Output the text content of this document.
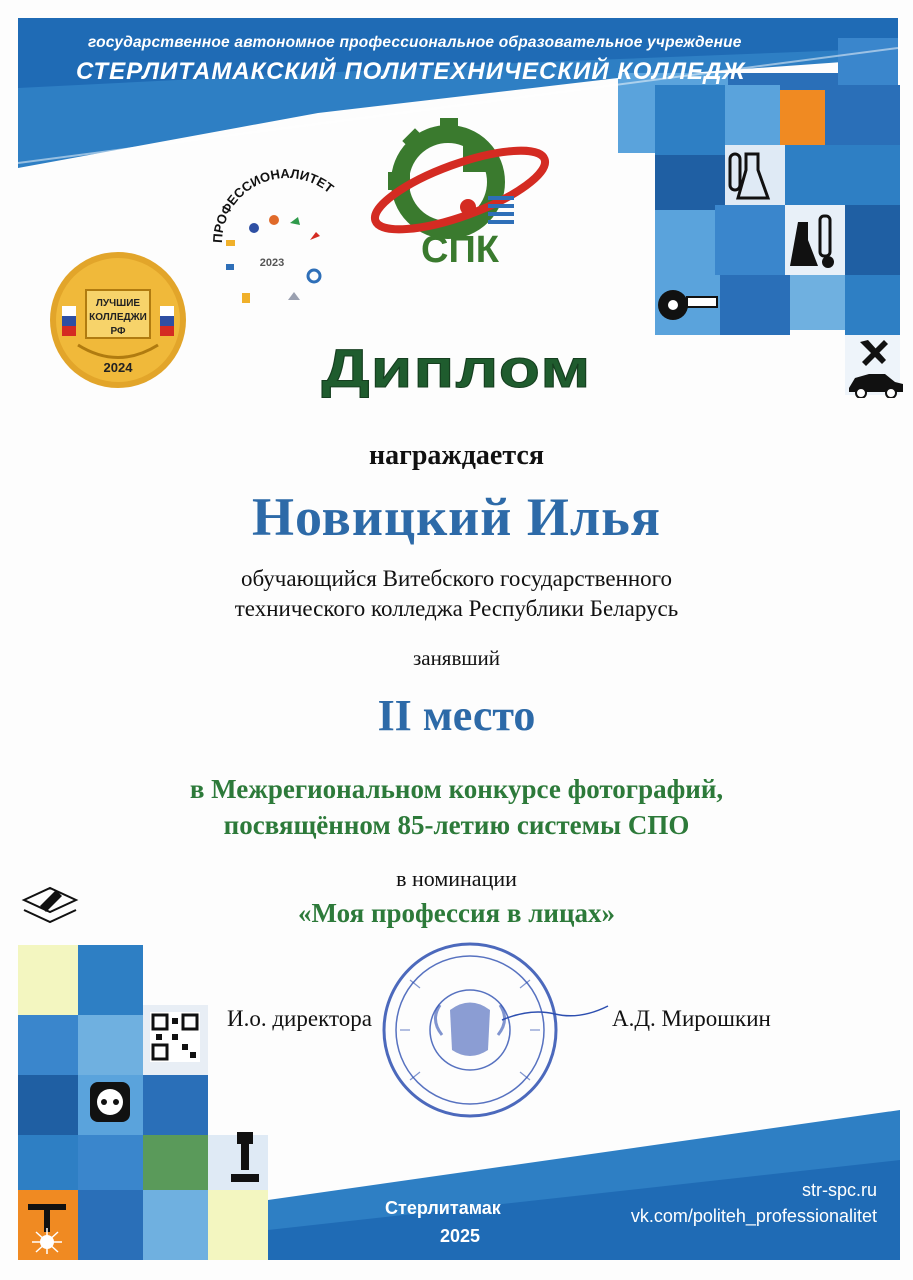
государственное автономное профессиональное образовательное учреждение
СТЕРЛИТАМАКСКИЙ ПОЛИТЕХНИЧЕСКИЙ КОЛЛЕДЖ
СПК
ПРОФЕССИОНАЛИТЕТ
2023
ЛУЧШИЕ
КОЛЛЕДЖИ
РФ
2024	Диплом
награждается
Новицкий Илья
обучающийся Витебского государственного
технического колледжа Республики Беларусь
занявший
II место
в Межрегиональном конкурсе фотографий,
посвящённом 85-летию системы СПО
в номинации
«Моя профессия в лицах»
И.о. директора	А.Д. Мирошкин
Стерлитамак
2025
str-spc.ru
vk.com/politeh_professionalitet
